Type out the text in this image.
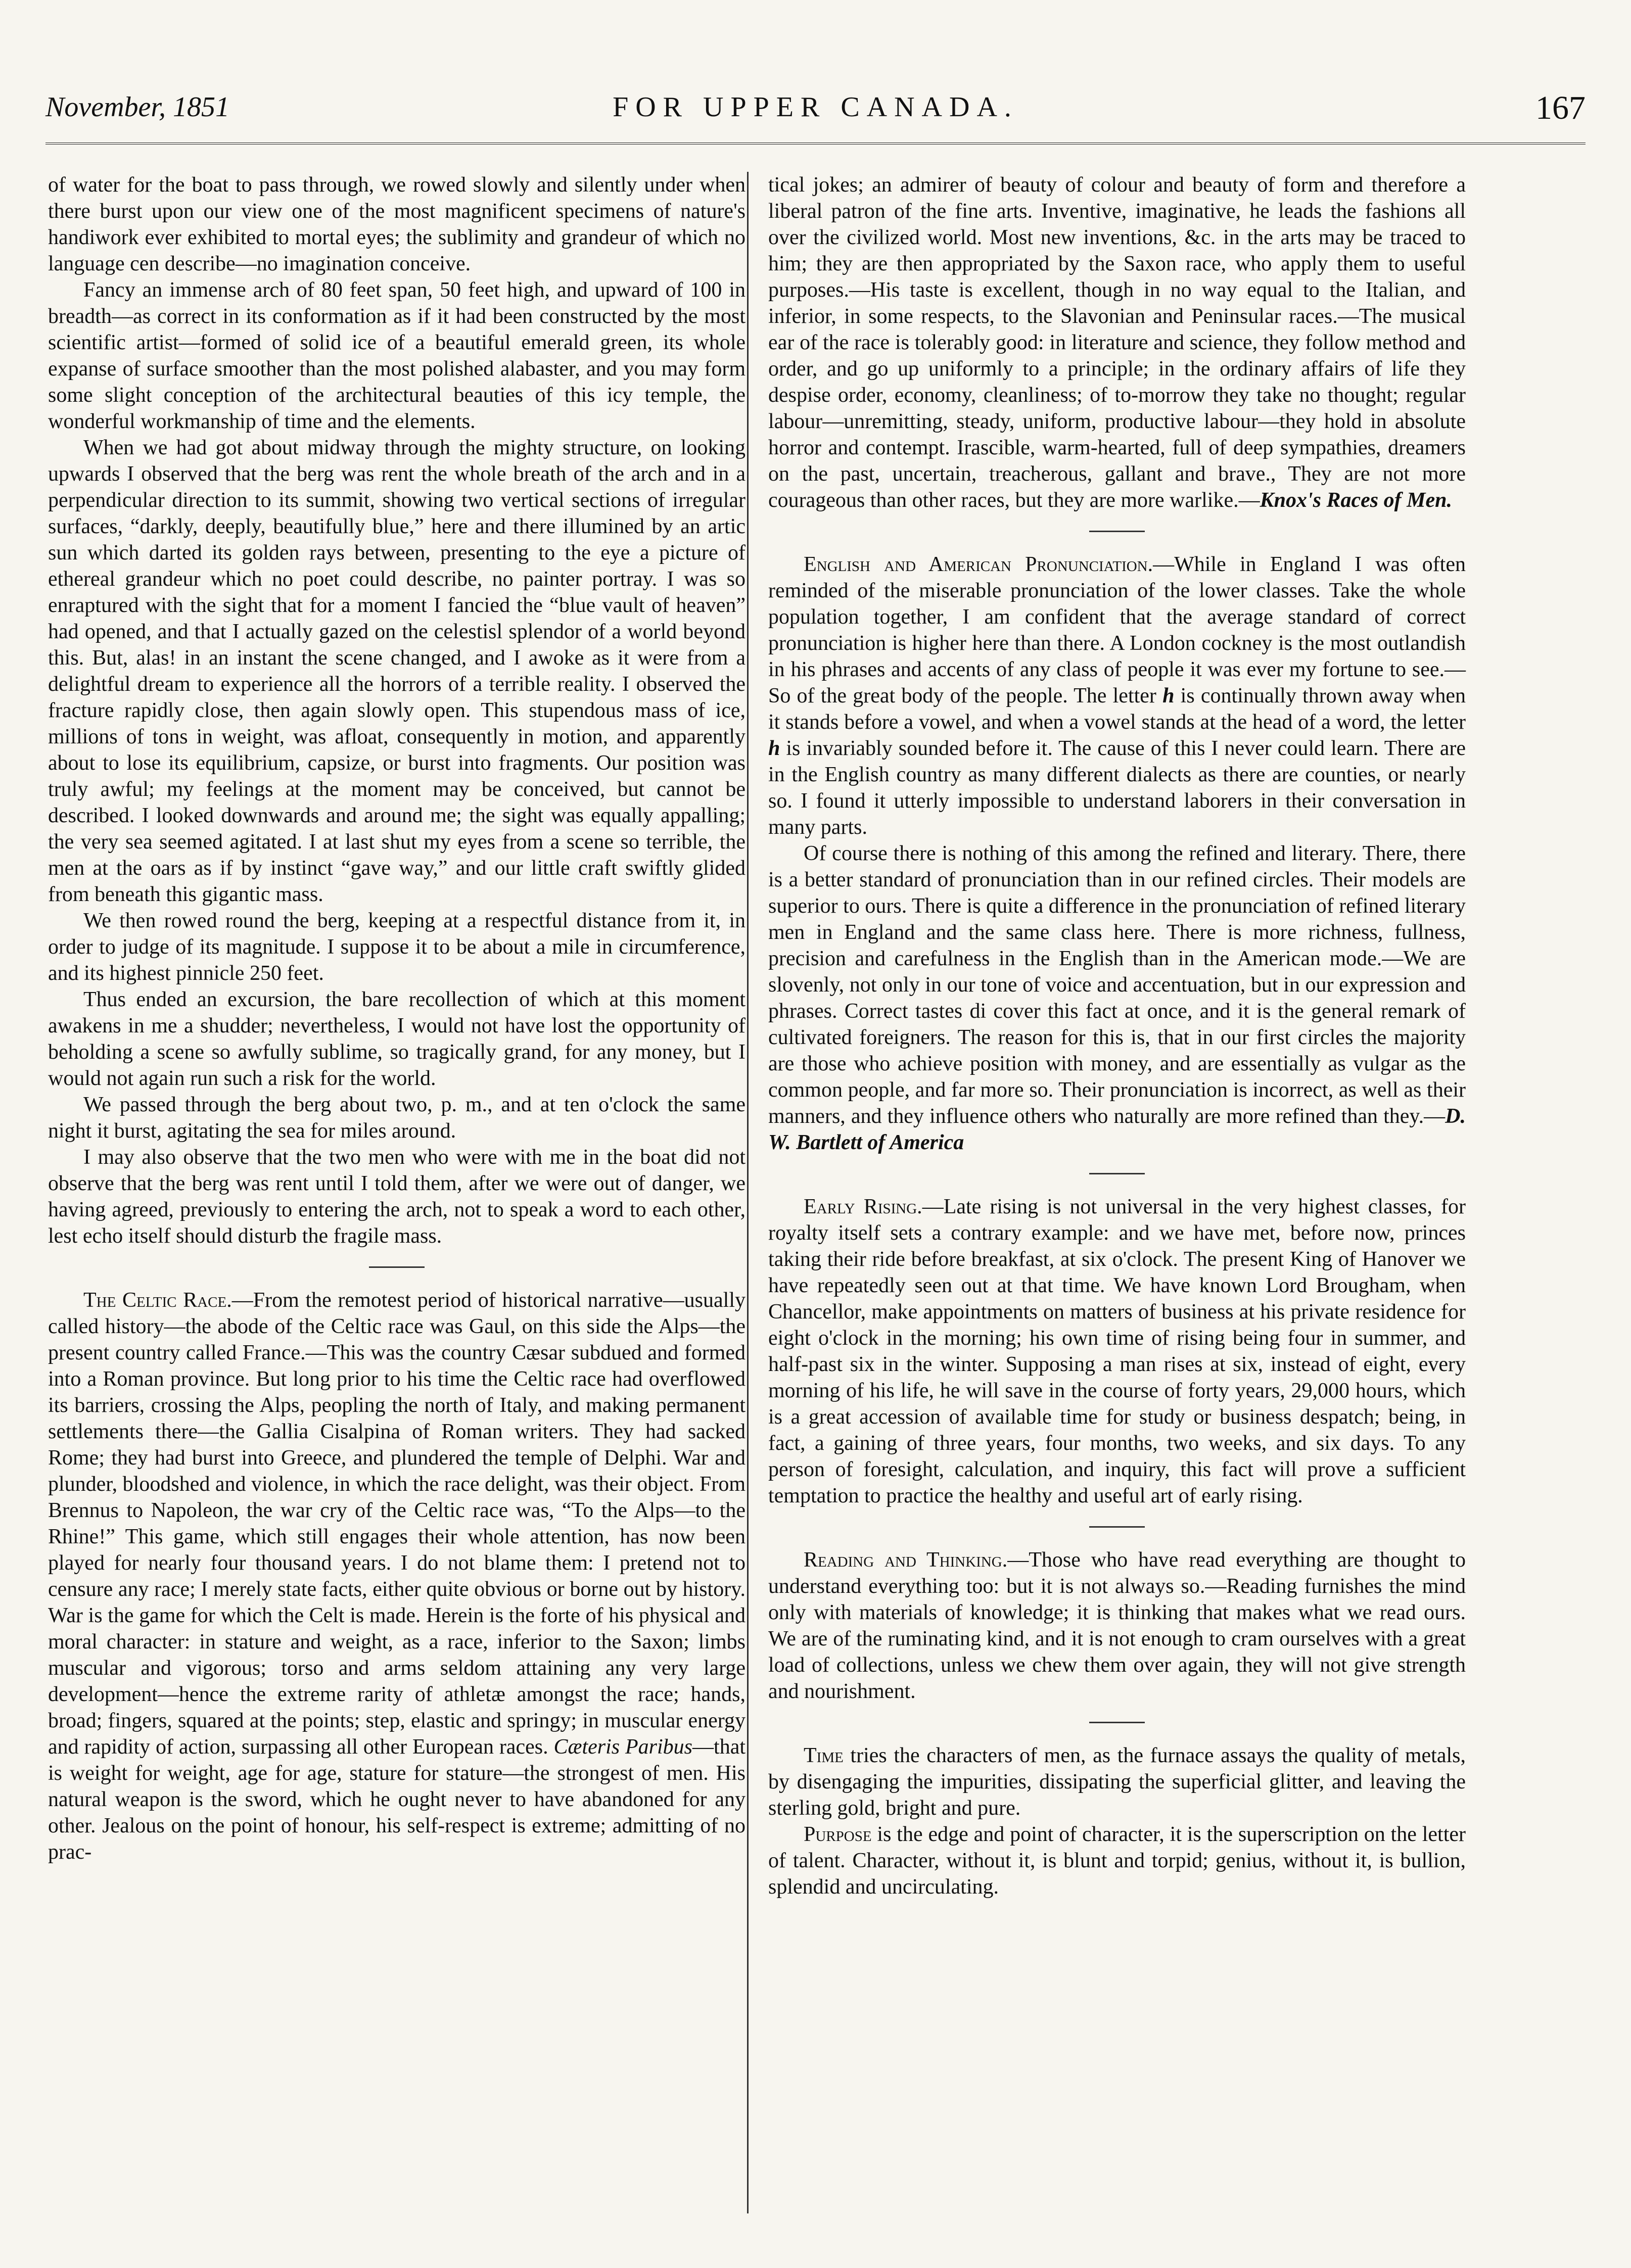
November, 1851	FOR UPPER CANADA.	167

of water for the boat to pass through, we rowed slowly and silently under when there burst upon our view one of the most magnificent specimens of nature's handiwork ever exhibited to mortal eyes; the sublimity and grandeur of which no language cen describe—no imagination conceive.

Fancy an immense arch of 80 feet span, 50 feet high, and upward of 100 in breadth—as correct in its conformation as if it had been constructed by the most scientific artist—formed of solid ice of a beautiful emerald green, its whole expanse of surface smoother than the most polished alabaster, and you may form some slight conception of the architectural beauties of this icy temple, the wonderful workmanship of time and the elements.

When we had got about midway through the mighty structure, on looking upwards I observed that the berg was rent the whole breath of the arch and in a perpendicular direction to its summit, showing two vertical sections of irregular surfaces, “darkly, deeply, beautifully blue,” here and there illumined by an artic sun which darted its golden rays between, presenting to the eye a picture of ethereal grandeur which no poet could describe, no painter portray. I was so enraptured with the sight that for a moment I fancied the “blue vault of heaven” had opened, and that I actually gazed on the celestisl splendor of a world beyond this. But, alas! in an instant the scene changed, and I awoke as it were from a delightful dream to experience all the horrors of a terrible reality. I observed the fracture rapidly close, then again slowly open. This stupendous mass of ice, millions of tons in weight, was afloat, consequently in motion, and apparently about to lose its equilibrium, capsize, or burst into fragments. Our position was truly awful; my feelings at the moment may be conceived, but cannot be described. I looked downwards and around me; the sight was equally appalling; the very sea seemed agitated. I at last shut my eyes from a scene so terrible, the men at the oars as if by instinct “gave way,” and our little craft swiftly glided from beneath this gigantic mass.

We then rowed round the berg, keeping at a respectful distance from it, in order to judge of its magnitude. I suppose it to be about a mile in circumference, and its highest pinnicle 250 feet.

Thus ended an excursion, the bare recollection of which at this moment awakens in me a shudder; nevertheless, I would not have lost the opportunity of beholding a scene so awfully sublime, so tragically grand, for any money, but I would not again run such a risk for the world.

We passed through the berg about two, p. m., and at ten o'clock the same night it burst, agitating the sea for miles around.

I may also observe that the two men who were with me in the boat did not observe that the berg was rent until I told them, after we were out of danger, we having agreed, previously to entering the arch, not to speak a word to each other, lest echo itself should disturb the fragile mass.

The Celtic Race.—From the remotest period of historical narrative—usually called history—the abode of the Celtic race was Gaul, on this side the Alps—the present country called France.—This was the country Cæsar subdued and formed into a Roman province. But long prior to his time the Celtic race had overflowed its barriers, crossing the Alps, peopling the north of Italy, and making permanent settlements there—the Gallia Cisalpina of Roman writers. They had sacked Rome; they had burst into Greece, and plundered the temple of Delphi. War and plunder, bloodshed and violence, in which the race delight, was their object. From Brennus to Napoleon, the war cry of the Celtic race was, “To the Alps—to the Rhine!” This game, which still engages their whole attention, has now been played for nearly four thousand years. I do not blame them: I pretend not to censure any race; I merely state facts, either quite obvious or borne out by history. War is the game for which the Celt is made. Herein is the forte of his physical and moral character: in stature and weight, as a race, inferior to the Saxon; limbs muscular and vigorous; torso and arms seldom attaining any very large development—hence the extreme rarity of athletæ amongst the race; hands, broad; fingers, squared at the points; step, elastic and springy; in muscular energy and rapidity of action, surpassing all other European races. Cæteris Paribus—that is weight for weight, age for age, stature for stature—the strongest of men. His natural weapon is the sword, which he ought never to have abandoned for any other. Jealous on the point of honour, his self-respect is extreme; admitting of no prac-

tical jokes; an admirer of beauty of colour and beauty of form and therefore a liberal patron of the fine arts. Inventive, imaginative, he leads the fashions all over the civilized world. Most new inventions, &c. in the arts may be traced to him; they are then appropriated by the Saxon race, who apply them to useful purposes.—His taste is excellent, though in no way equal to the Italian, and inferior, in some respects, to the Slavonian and Peninsular races.—The musical ear of the race is tolerably good: in literature and science, they follow method and order, and go up uniformly to a principle; in the ordinary affairs of life they despise order, economy, cleanliness; of to-morrow they take no thought; regular labour—unremitting, steady, uniform, productive labour—they hold in absolute horror and contempt. Irascible, warm-hearted, full of deep sympathies, dreamers on the past, uncertain, treacherous, gallant and brave., They are not more courageous than other races, but they are more warlike.—Knox's Races of Men.

English and American Pronunciation.—While in England I was often reminded of the miserable pronunciation of the lower classes. Take the whole population together, I am confident that the average standard of correct pronunciation is higher here than there. A London cockney is the most outlandish in his phrases and accents of any class of people it was ever my fortune to see.—So of the great body of the people. The letter h is continually thrown away when it stands before a vowel, and when a vowel stands at the head of a word, the letter h is invariably sounded before it. The cause of this I never could learn. There are in the English country as many different dialects as there are counties, or nearly so. I found it utterly impossible to understand laborers in their conversation in many parts.

Of course there is nothing of this among the refined and literary. There, there is a better standard of pronunciation than in our refined circles. Their models are superior to ours. There is quite a difference in the pronunciation of refined literary men in England and the same class here. There is more richness, fullness, precision and carefulness in the English than in the American mode.—We are slovenly, not only in our tone of voice and accentuation, but in our expression and phrases. Correct tastes di cover this fact at once, and it is the general remark of cultivated foreigners. The reason for this is, that in our first circles the majority are those who achieve position with money, and are essentially as vulgar as the common people, and far more so. Their pronunciation is incorrect, as well as their manners, and they influence others who naturally are more refined than they.—D. W. Bartlett of America

Early Rising.—Late rising is not universal in the very highest classes, for royalty itself sets a contrary example: and we have met, before now, princes taking their ride before breakfast, at six o'clock. The present King of Hanover we have repeatedly seen out at that time. We have known Lord Brougham, when Chancellor, make appointments on matters of business at his private residence for eight o'clock in the morning; his own time of rising being four in summer, and half-past six in the winter. Supposing a man rises at six, instead of eight, every morning of his life, he will save in the course of forty years, 29,000 hours, which is a great accession of available time for study or business despatch; being, in fact, a gaining of three years, four months, two weeks, and six days. To any person of foresight, calculation, and inquiry, this fact will prove a sufficient temptation to practice the healthy and useful art of early rising.

Reading and Thinking.—Those who have read everything are thought to understand everything too: but it is not always so.—Reading furnishes the mind only with materials of knowledge; it is thinking that makes what we read ours. We are of the ruminating kind, and it is not enough to cram ourselves with a great load of collections, unless we chew them over again, they will not give strength and nourishment.

Time tries the characters of men, as the furnace assays the quality of metals, by disengaging the impurities, dissipating the superficial glitter, and leaving the sterling gold, bright and pure.

Purpose is the edge and point of character, it is the superscription on the letter of talent. Character, without it, is blunt and torpid; genius, without it, is bullion, splendid and uncirculating.
